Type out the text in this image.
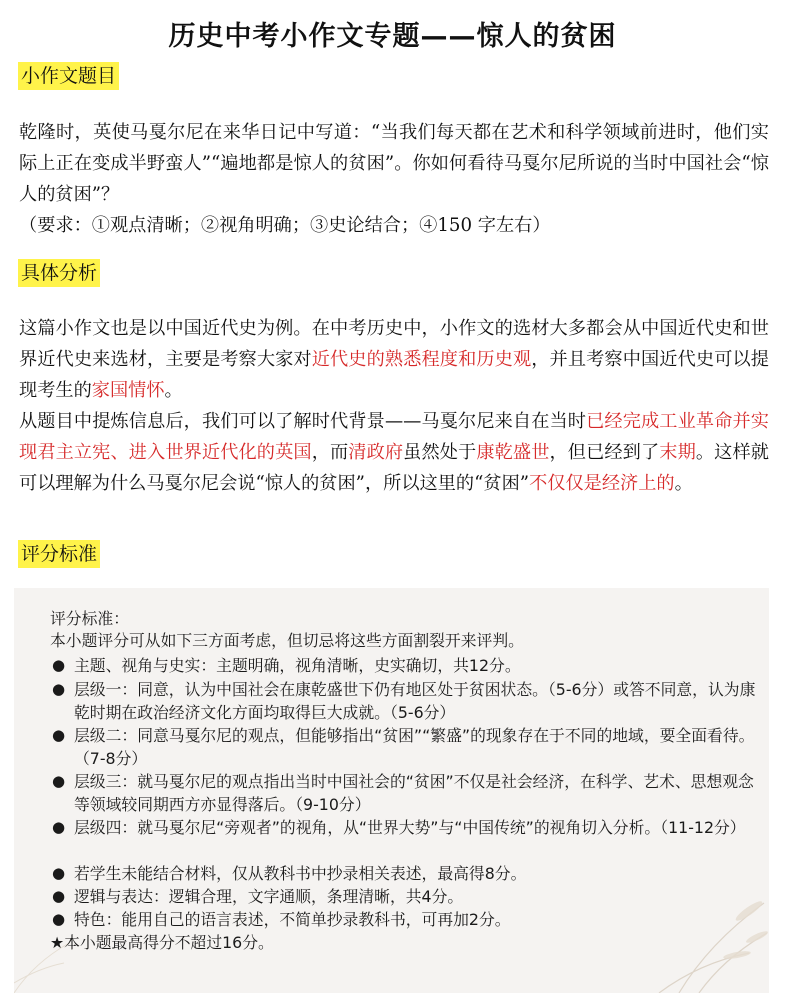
历史中考小作文专题——惊人的贫困
小作文题目

乾隆时，英使马戛尔尼在来华日记中写道：“当我们每天都在艺术和科学领域前进时，他们实际上正在变成半野蛮人”“遍地都是惊人的贫困”。你如何看待马戛尔尼所说的当时中国社会“惊人的贫困”？
（要求：①观点清晰；②视角明确；③史论结合；④150 字左右）

具体分析

这篇小作文也是以中国近代史为例。在中考历史中，小作文的选材大多都会从中国近代史和世界近代史来选材，主要是考察大家对近代史的熟悉程度和历史观，并且考察中国近代史可以提现考生的家国情怀。
从题目中提炼信息后，我们可以了解时代背景——马戛尔尼来自在当时已经完成工业革命并实现君主立宪、进入世界近代化的英国，而清政府虽然处于康乾盛世，但已经到了末期。这样就可以理解为什么马戛尔尼会说“惊人的贫困”，所以这里的“贫困”不仅仅是经济上的。

评分标准
评分标准：
本小题评分可从如下三方面考虑，但切忌将这些方面割裂开来评判。
● 主题、视角与史实：主题明确，视角清晰，史实确切，共12分。
● 层级一：同意，认为中国社会在康乾盛世下仍有地区处于贫困状态。（5-6分）或答不同意，认为康乾时期在政治经济文化方面均取得巨大成就。（5-6分）
● 层级二：同意马戛尔尼的观点，但能够指出“贫困”“繁盛”的现象存在于不同的地域，要全面看待。（7-8分）
● 层级三：就马戛尔尼的观点指出当时中国社会的“贫困”不仅是社会经济，在科学、艺术、思想观念等领域较同期西方亦显得落后。（9-10分）
● 层级四：就马戛尔尼“旁观者”的视角，从“世界大势”与“中国传统”的视角切入分析。（11-12分）
● 若学生未能结合材料，仅从教科书中抄录相关表述，最高得8分。
● 逻辑与表达：逻辑合理，文字通顺，条理清晰，共4分。
● 特色：能用自己的语言表述，不简单抄录教科书，可再加2分。
★本小题最高得分不超过16分。
